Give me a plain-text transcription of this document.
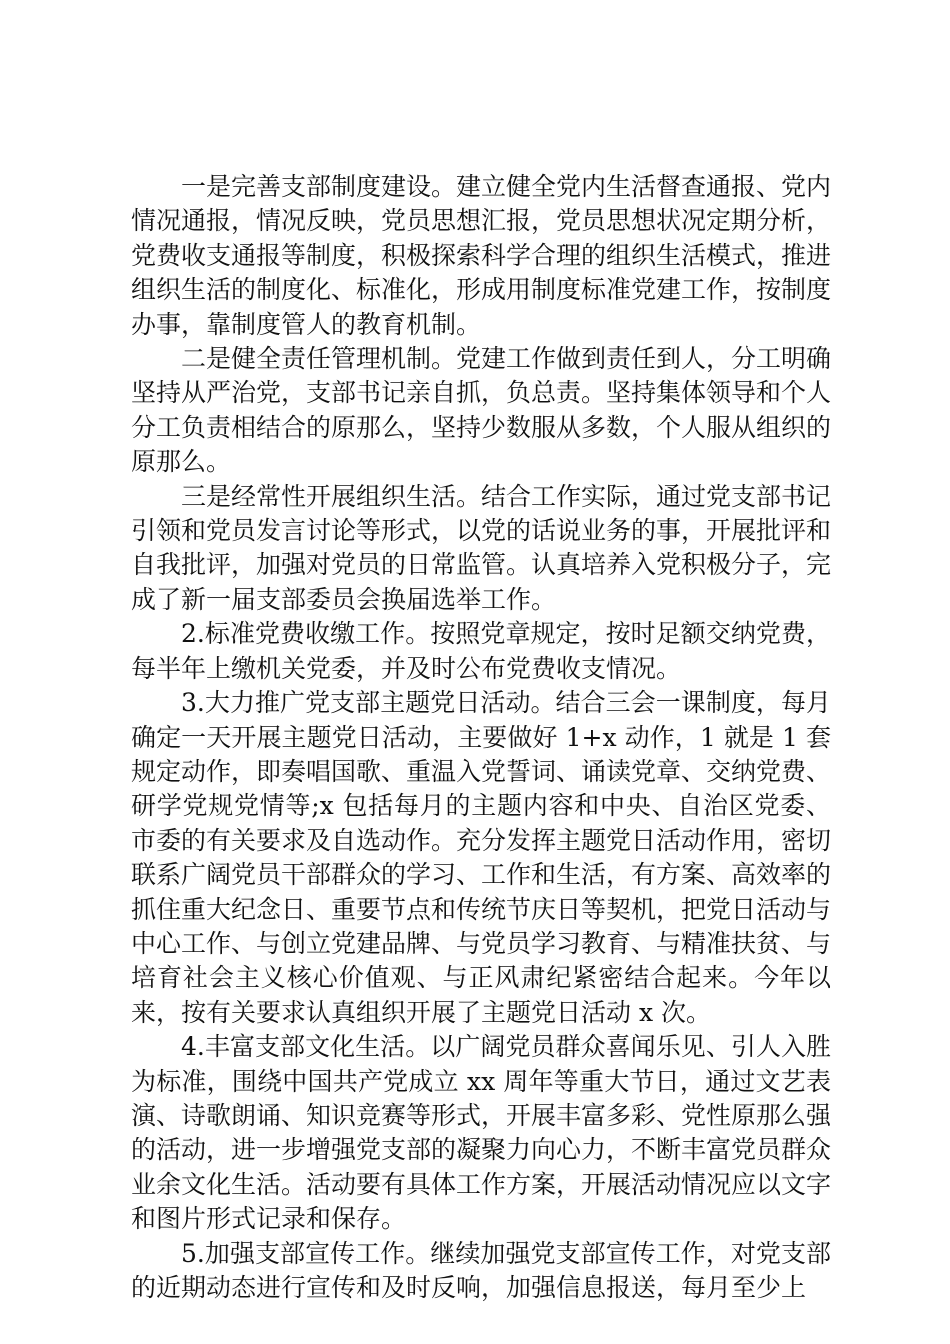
一是完善支部制度建设。建立健全党内生活督查通报、党内情况通报，情况反映，党员思想汇报，党员思想状况定期分析，党费收支通报等制度，积极探索科学合理的组织生活模式，推进组织生活的制度化、标准化，形成用制度标准党建工作，按制度办事，靠制度管人的教育机制。

二是健全责任管理机制。党建工作做到责任到人，分工明确坚持从严治党，支部书记亲自抓，负总责。坚持集体领导和个人分工负责相结合的原那么，坚持少数服从多数，个人服从组织的原那么。

三是经常性开展组织生活。结合工作实际，通过党支部书记引领和党员发言讨论等形式，以党的话说业务的事，开展批评和自我批评，加强对党员的日常监管。认真培养入党积极分子，完成了新一届支部委员会换届选举工作。

2.标准党费收缴工作。按照党章规定，按时足额交纳党费，每半年上缴机关党委，并及时公布党费收支情况。

3.大力推广党支部主题党日活动。结合三会一课制度，每月确定一天开展主题党日活动，主要做好 1+x 动作，1 就是 1 套规定动作，即奏唱国歌、重温入党誓词、诵读党章、交纳党费、研学党规党情等;x 包括每月的主题内容和中央、自治区党委、市委的有关要求及自选动作。充分发挥主题党日活动作用，密切联系广阔党员干部群众的学习、工作和生活，有方案、高效率的抓住重大纪念日、重要节点和传统节庆日等契机，把党日活动与中心工作、与创立党建品牌、与党员学习教育、与精准扶贫、与培育社会主义核心价值观、与正风肃纪紧密结合起来。今年以来，按有关要求认真组织开展了主题党日活动 x 次。

4.丰富支部文化生活。以广阔党员群众喜闻乐见、引人入胜为标准，围绕中国共产党成立 xx 周年等重大节日，通过文艺表演、诗歌朗诵、知识竞赛等形式，开展丰富多彩、党性原那么强的活动，进一步增强党支部的凝聚力向心力，不断丰富党员群众业余文化生活。活动要有具体工作方案，开展活动情况应以文字和图片形式记录和保存。

5.加强支部宣传工作。继续加强党支部宣传工作，对党支部的近期动态进行宣传和及时反响，加强信息报送，每月至少上
